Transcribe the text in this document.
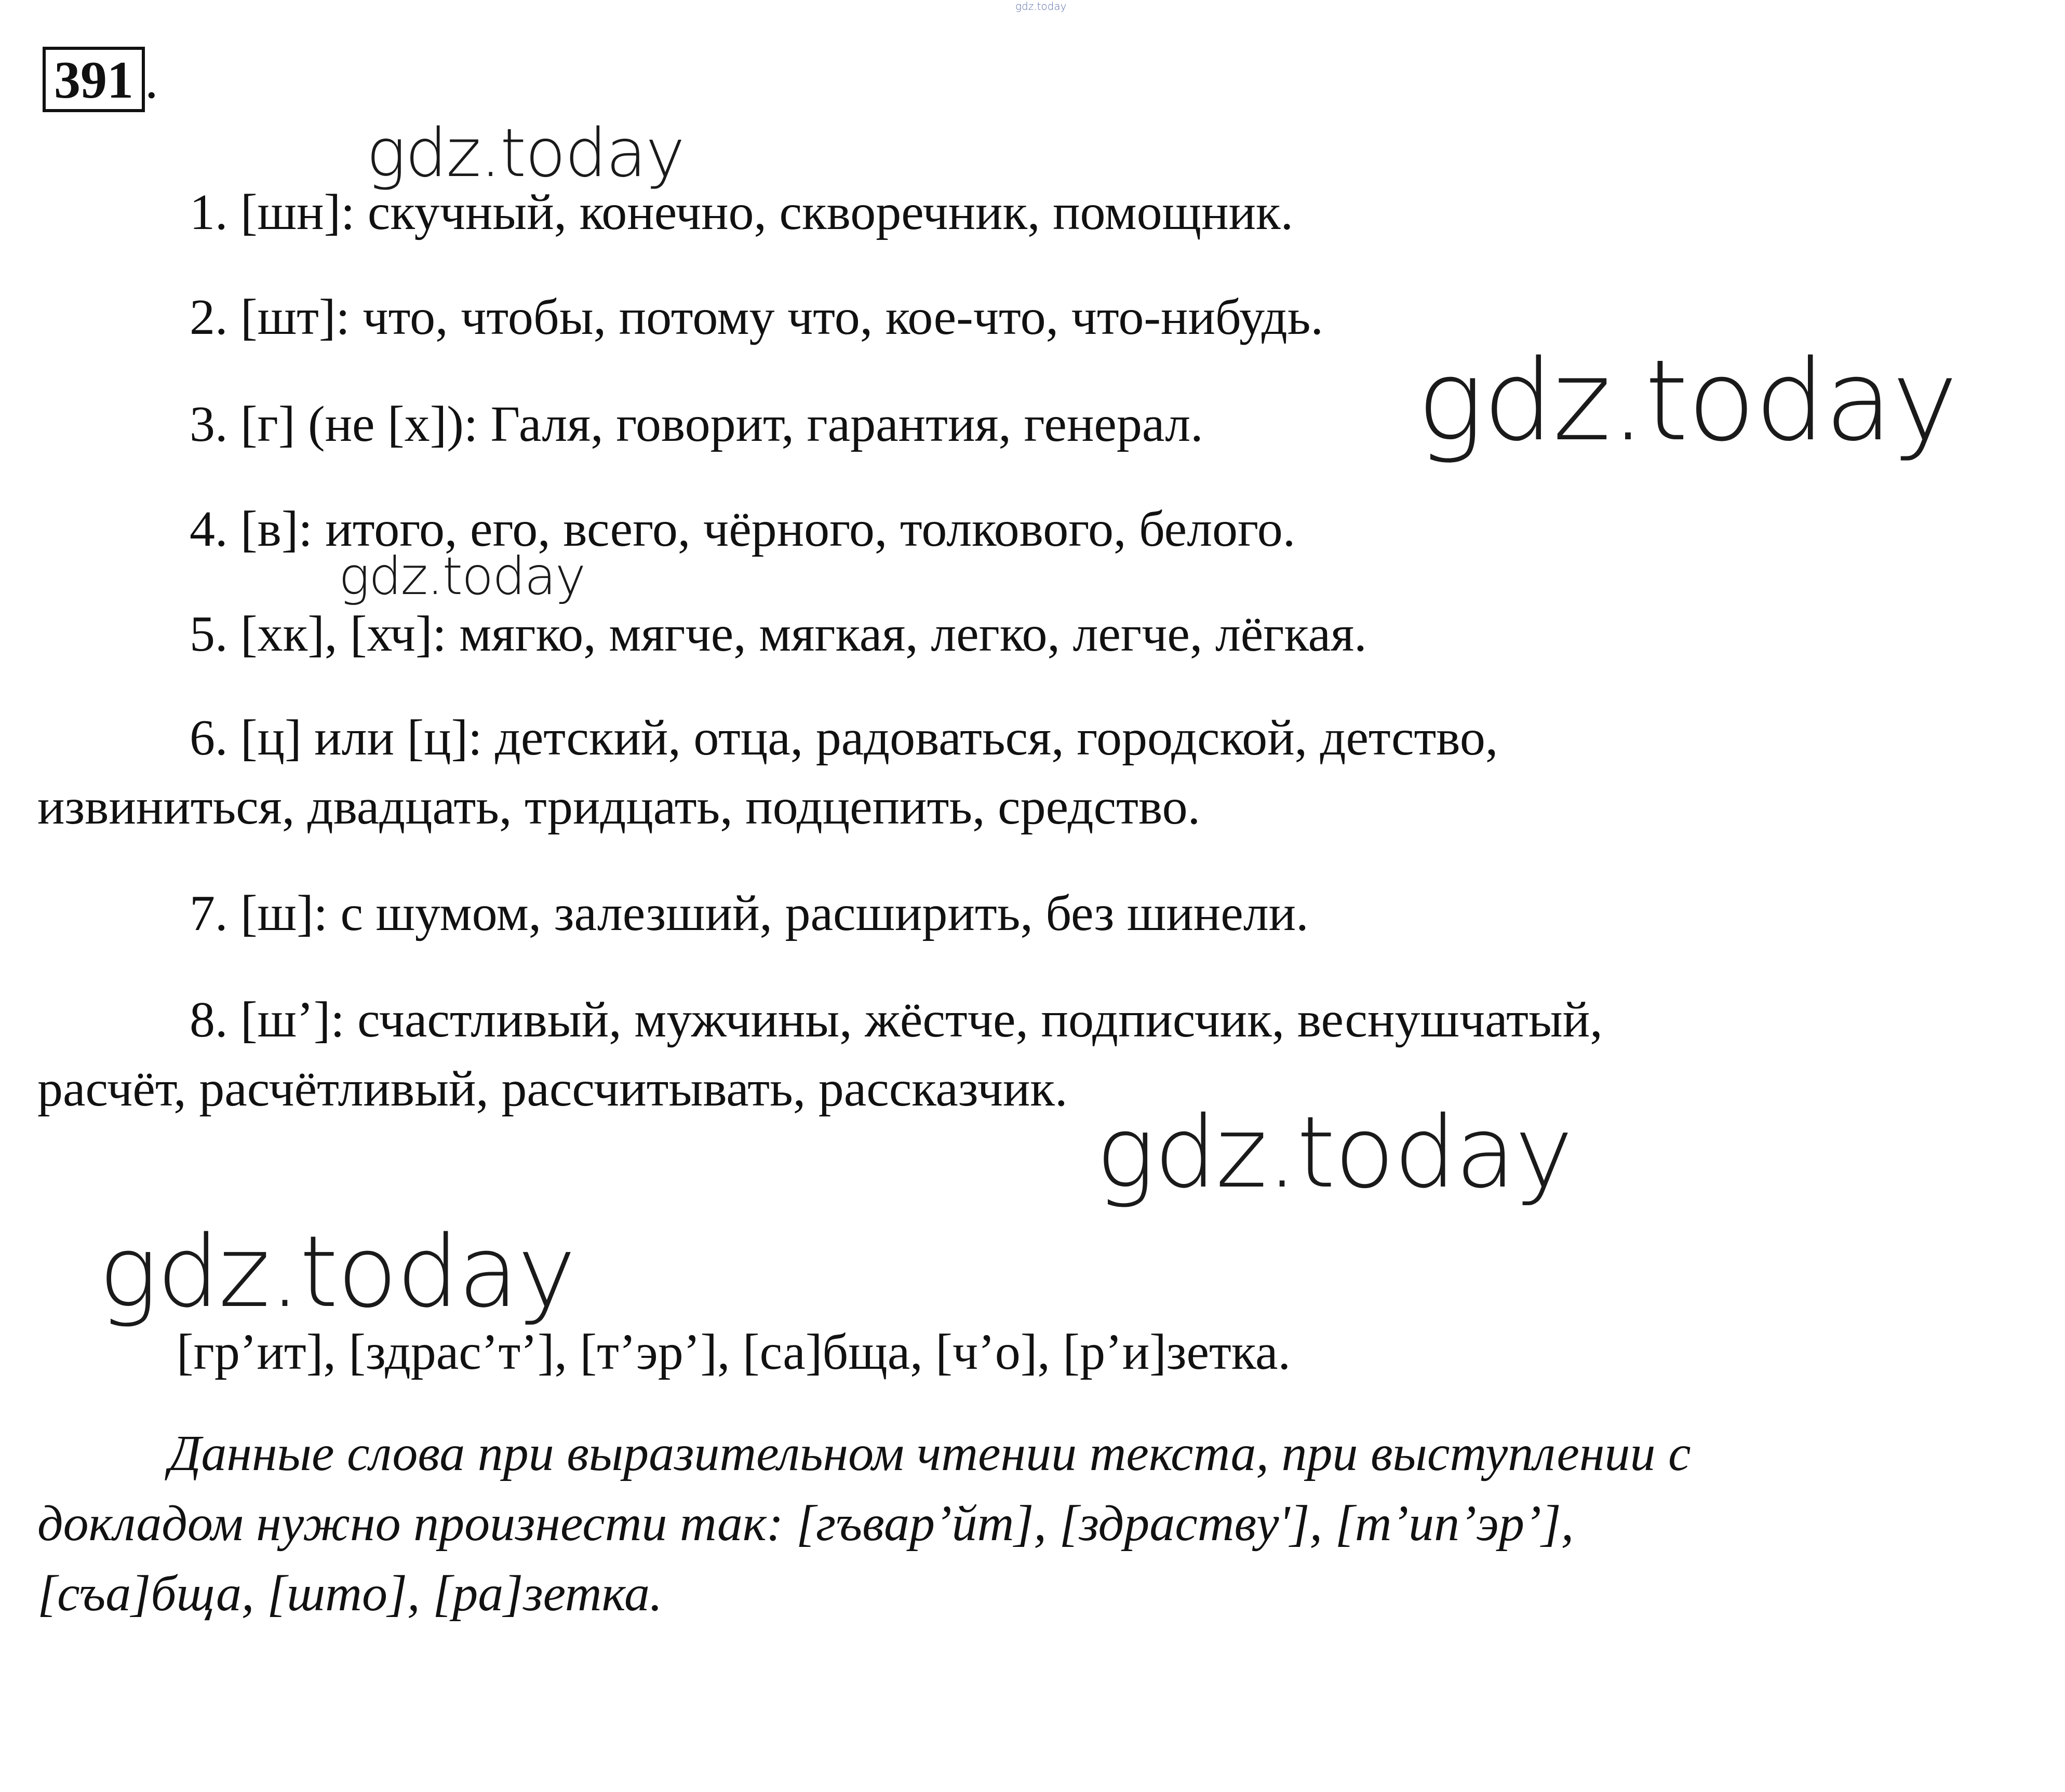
391 .
1. [шн]: скучный, конечно, скворечник, помощник.
2. [шт]: что, чтобы, потому что, кое-что, что-нибудь.
3. [г] (не [х]): Галя, говорит, гарантия, генерал.
4. [в]: итого, его, всего, чёрного, толкового, белого.
5. [хк], [хч]: мягко, мягче, мягкая, легко, легче, лёгкая.
6. [ц] или [ц]: детский, отца, радоваться, городской, детство,
извиниться, двадцать, тридцать, подцепить, средство.
7. [ш]: с шумом, залезший, расширить, без шинели.
8. [ш’]: счастливый, мужчины, жёстче, подписчик, веснушчатый,
расчёт, расчётливый, рассчитывать, рассказчик.
[гр’ит], [здрас’т’], [т’эр’], [са]бща, [ч’о], [р’и]зетка.
Данные слова при выразительном чтении текста, при выступлении с
докладом нужно произнести так: [гъвар’йт], [здраству'], [т’ип’эр’],
[съа]бща, [што], [ра]зетка.
gdz.today
gdz.today
gdz.today
gdz.today
gdz.today
gdz.today
